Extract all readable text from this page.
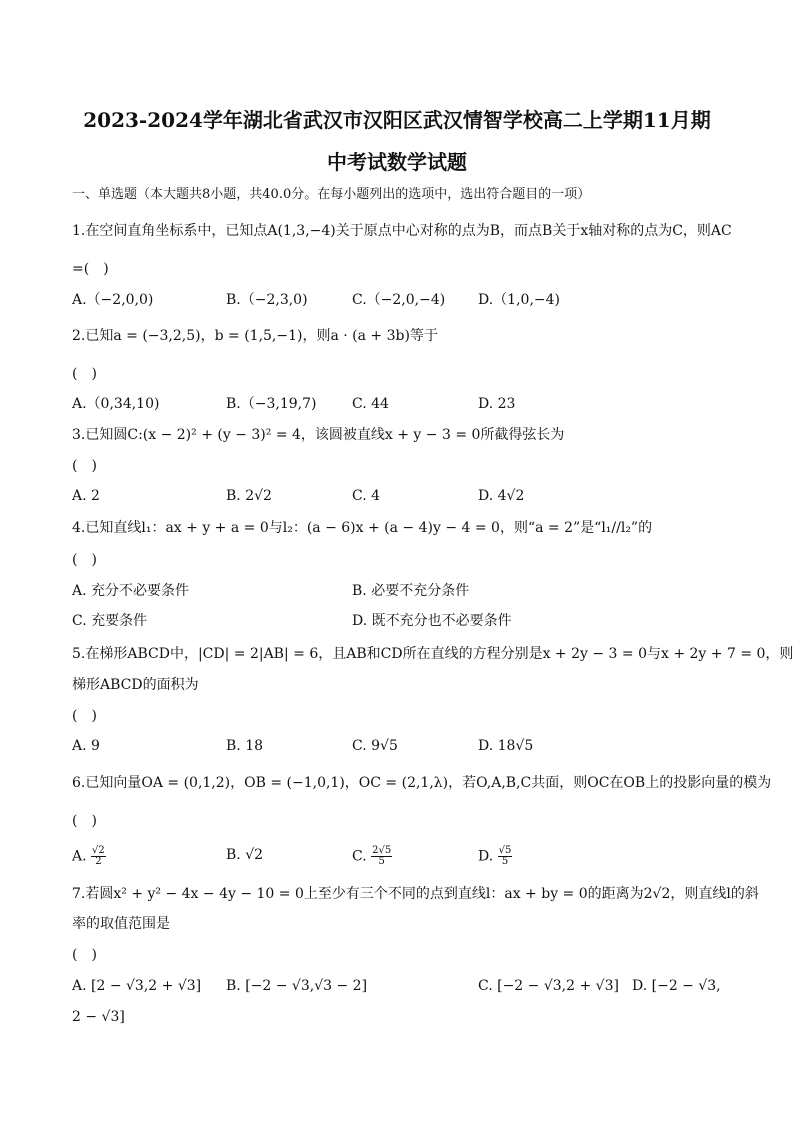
2023-2024学年湖北省武汉市汉阳区武汉情智学校高二上学期11月期
中考试数学试题
一、单选题（本大题共8小题，共40.0分。在每小题列出的选项中，选出符合题目的一项）
1.在空间直角坐标系中，已知点A(1,3,−4)关于原点中心对称的点为B，而点B关于x轴对称的点为C，则AC
=(　)
A.（−2,0,0)	B.（−2,3,0)	C.（−2,0,−4) D.（1,0,−4)
2.已知a = (−3,2,5)，b = (1,5,−1)，则a · (a + 3b)等于
(　)
A.（0,34,10)	B.（−3,19,7)	C. 44	D. 23
3.已知圆C:(x − 2)² + (y − 3)² = 4，该圆被直线x + y − 3 = 0所截得弦长为
(　)
A. 2	B. 2√2	C. 4	D. 4√2
4.已知直线l₁：ax + y + a = 0与l₂：(a − 6)x + (a − 4)y − 4 = 0，则“a = 2”是“l₁//l₂”的
(　)
A. 充分不必要条件	B. 必要不充分条件
C. 充要条件	D. 既不充分也不必要条件
5.在梯形ABCD中，|CD| = 2|AB| = 6，且AB和CD所在直线的方程分别是x + 2y − 3 = 0与x + 2y + 7 = 0，则
梯形ABCD的面积为
(　)
A. 9	B. 18	C. 9√5	D. 18√5
6.已知向量OA = (0,1,2)，OB = (−1,0,1)，OC = (2,1,λ)，若O,A,B,C共面，则OC在OB上的投影向量的模为
(　)
A. $\frac{√2}{2}$	B. √2	C. $\frac{2√5}{5}$	D. $\frac{√5}{5}$
7.若圆x² + y² − 4x − 4y − 10 = 0上至少有三个不同的点到直线l：ax + by = 0的距离为2√2，则直线l的斜
率的取值范围是
(　)
A. [2 − √3,2 + √3] B. [−2 − √3,√3 − 2]	C. [−2 − √3,2 + √3] D. [−2 − √3,
2 − √3]
